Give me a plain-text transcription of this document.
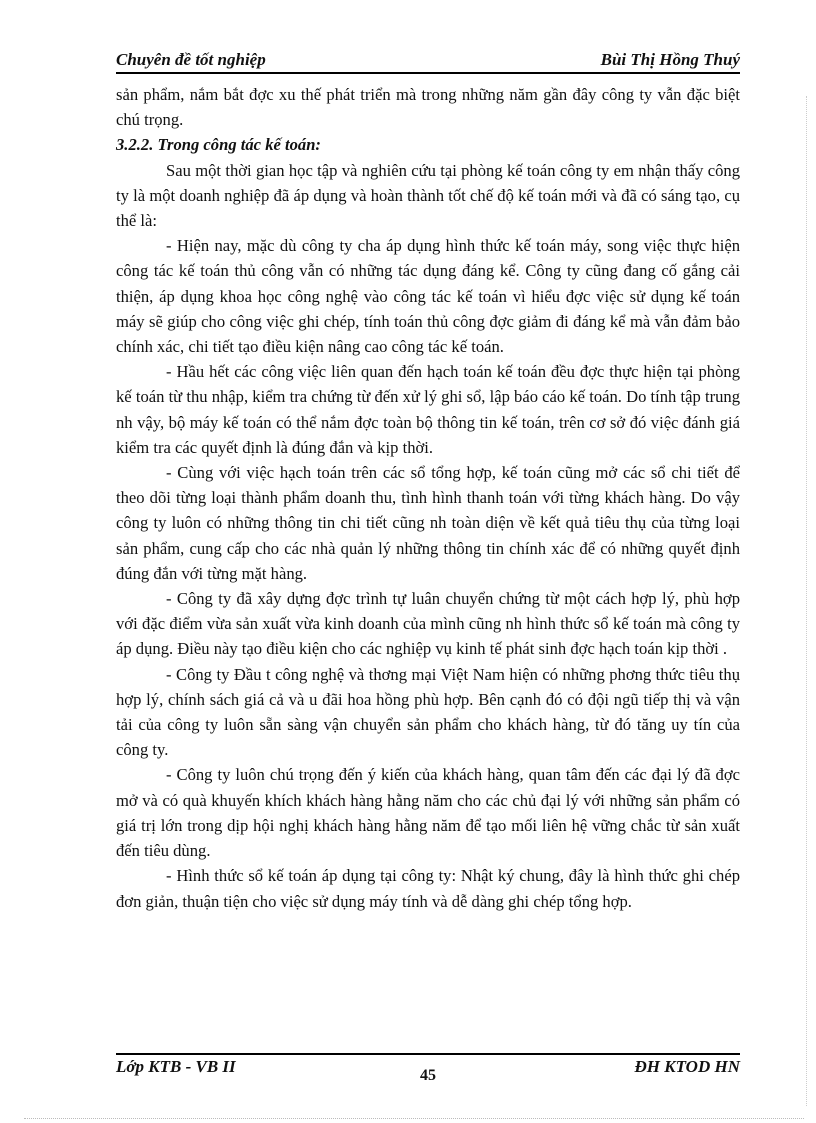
Chuyên đề tốt nghiệp	Bùi Thị Hồng Thuý

sản phẩm, nắm bắt đợc xu thế phát triển mà trong những năm gần đây công ty vẫn đặc biệt chú trọng.

3.2.2. Trong công tác kế toán:

Sau một thời gian học tập và nghiên cứu tại phòng kế toán công ty em nhận thấy công ty là một doanh nghiệp đã áp dụng và hoàn thành tốt chế độ kế toán mới và đã có sáng tạo, cụ thể là:

- Hiện nay, mặc dù công ty cha áp dụng hình thức kế toán máy, song việc thực hiện công tác kế toán thủ công vẫn có những tác dụng đáng kể. Công ty cũng đang cố gắng cải thiện, áp dụng khoa học công nghệ vào công tác kế toán vì hiểu đợc việc sử dụng kế toán máy sẽ giúp cho công việc ghi chép, tính toán thủ công đợc giảm đi đáng kể mà vẫn đảm bảo chính xác, chi tiết tạo điều kiện nâng cao công tác kế toán.

- Hầu hết các công việc liên quan đến hạch toán kế toán đều đợc thực hiện tại phòng kế toán từ thu nhập, kiểm tra chứng từ đến xử lý ghi sổ, lập báo cáo kế toán. Do tính tập trung nh vậy, bộ máy kế toán có thể nắm đợc toàn bộ thông tin kế toán, trên cơ sở đó việc đánh giá kiểm tra các quyết định là đúng đắn và kịp thời.

- Cùng với việc hạch toán trên các sổ tổng hợp, kế toán cũng mở các sổ chi tiết để theo dõi từng loại thành phẩm doanh thu, tình hình thanh toán với từng khách hàng. Do vậy công ty luôn có những thông tin chi tiết cũng nh toàn diện về kết quả tiêu thụ của từng loại sản phẩm, cung cấp cho các nhà quản lý những thông tin chính xác để có những quyết định đúng đắn với từng mặt hàng.

- Công ty đã xây dựng đợc trình tự luân chuyển chứng từ một cách hợp lý, phù hợp với đặc điểm vừa sản xuất vừa kinh doanh của mình cũng nh hình thức sổ kế toán mà công ty áp dụng. Điều này tạo điều kiện cho các nghiệp vụ kinh tế phát sinh đợc hạch toán kịp thời .

- Công ty Đầu t công nghệ và thơng mại Việt Nam hiện có những phơng thức tiêu thụ hợp lý, chính sách giá cả và u đãi hoa hồng phù hợp. Bên cạnh đó có đội ngũ tiếp thị và vận tải của công ty luôn sẵn sàng vận chuyển sản phẩm cho khách hàng, từ đó tăng uy tín của công ty.

- Công ty luôn chú trọng đến ý kiến của khách hàng, quan tâm đến các đại lý đã đợc mở và có quà khuyến khích khách hàng hằng năm cho các chủ đại lý với những sản phẩm có giá trị lớn trong dịp hội nghị khách hàng hằng năm để tạo mối liên hệ vững chắc từ sản xuất đến tiêu dùng.

- Hình thức sổ kế toán áp dụng tại công ty: Nhật ký chung, đây là hình thức ghi chép đơn giản, thuận tiện cho việc sử dụng máy tính và dễ dàng ghi chép tổng hợp.

Lớp KTB - VB II	45	ĐH KTOD HN
